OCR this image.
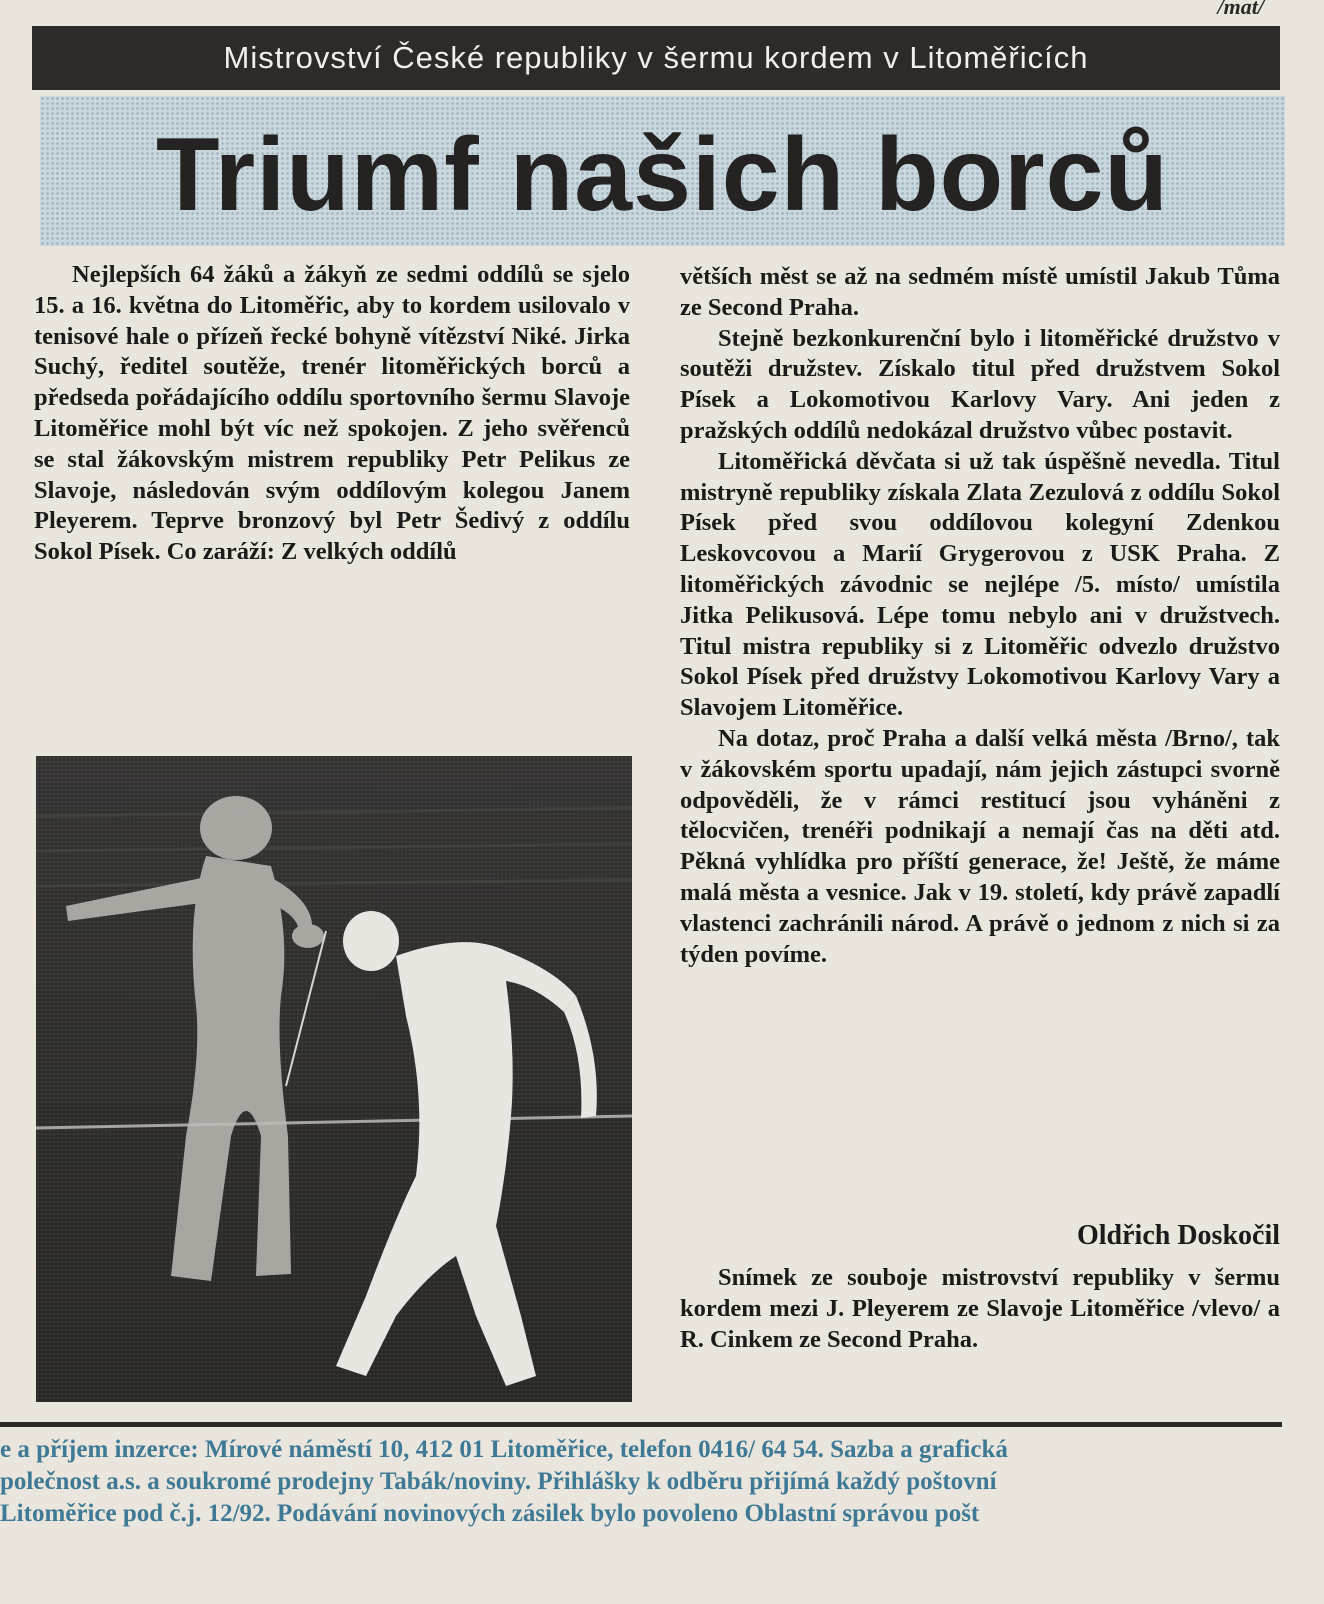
/mat/
Mistrovství České republiky v šermu kordem v Litoměřicích
Triumf našich borců

Nejlepších 64 žáků a žákyň ze sedmi oddílů se sjelo 15. a 16. května do Litoměřic, aby to kordem usilovalo v tenisové hale o přízeň řecké bohyně vítězství Niké. Jirka Suchý, ředitel soutěže, trenér litoměřických borců a předseda pořádajícího oddílu sportovního šermu Slavoje Litoměřice mohl být víc než spokojen. Z jeho svěřenců se stal žákovským mistrem republiky Petr Pelikus ze Slavoje, následován svým oddílovým kolegou Janem Pleyerem. Teprve bronzový byl Petr Šedivý z oddílu Sokol Písek. Co zaráží: Z velkých oddílů

větších měst se až na sedmém místě umístil Jakub Tůma ze Second Praha.

Stejně bezkonkurenční bylo i litoměřické družstvo v soutěži družstev. Získalo titul před družstvem Sokol Písek a Lokomotivou Karlovy Vary. Ani jeden z pražských oddílů nedokázal družstvo vůbec postavit.

Litoměřická děvčata si už tak úspěšně nevedla. Titul mistryně republiky získala Zlata Zezulová z oddílu Sokol Písek před svou oddílovou kolegyní Zdenkou Leskovcovou a Marií Grygerovou z USK Praha. Z litoměřických závodnic se nejlépe /5. místo/ umístila Jitka Pelikusová. Lépe tomu nebylo ani v družstvech. Titul mistra republiky si z Litoměřic odvezlo družstvo Sokol Písek před družstvy Lokomotivou Karlovy Vary a Slavojem Litoměřice.

Na dotaz, proč Praha a další velká města /Brno/, tak v žákovském sportu upadají, nám jejich zástupci svorně odpověděli, že v rámci restitucí jsou vyháněni z tělocvičen, trenéři podnikají a nemají čas na děti atd. Pěkná vyhlídka pro příští generace, že! Ještě, že máme malá města a vesnice. Jak v 19. století, kdy právě zapadlí vlastenci zachránili národ. A právě o jednom z nich si za týden povíme.

Oldřich Doskočil

Snímek ze souboje mistrovství republiky v šermu kordem mezi J. Pleyerem ze Slavoje Litoměřice /vlevo/ a R. Cinkem ze Second Praha.

e a příjem inzerce: Mírové náměstí 10, 412 01 Litoměřice, telefon 0416/ 64 54. Sazba a grafická
polečnost a.s. a soukromé prodejny Tabák/noviny. Přihlášky k odběru přijímá každý poštovní
Litoměřice pod č.j. 12/92. Podávání novinových zásilek bylo povoleno Oblastní správou pošt
